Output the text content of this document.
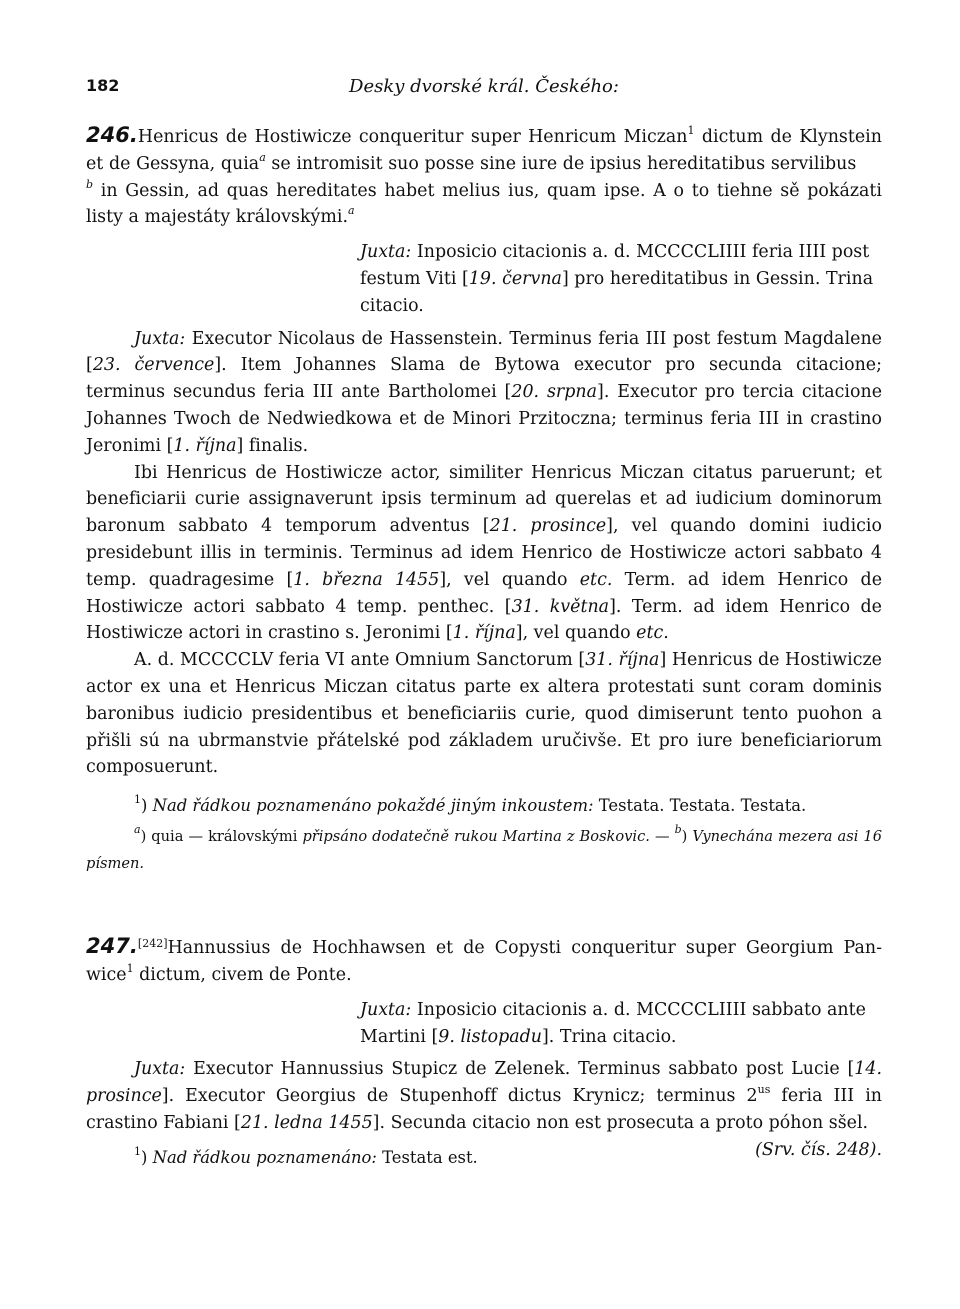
182	Desky dvorské král. Českého:

246.Henricus de Hostiwicze conqueritur super Henricum Miczan$^1$ dictum de Klynstein et de Gessyna, quia$^a$ se intromisit suo posse sine iure de ipsius hereditatibus servilibus $^b$ in Gessin, ad quas hereditates habet melius ius, quam ipse. A o to tiehne sě pokázati listy a majestáty královskými.$^a$

Juxta: Inposicio citacionis a. d. MCCCCLIIII feria IIII post festum Viti [19. června] pro hereditatibus in Gessin. Trina citacio.

Juxta: Executor Nicolaus de Hassenstein. Terminus feria III post festum Magdalene [23. července]. Item Johannes Slama de Bytowa executor pro secunda citacione; terminus secundus feria III ante Bartholomei [20. srpna]. Executor pro tercia citacione Johannes Twoch de Nedwiedkowa et de Minori Przitoczna; terminus feria III in crastino Jeronimi [1. října] finalis.

Ibi Henricus de Hostiwicze actor, similiter Henricus Miczan citatus paruerunt; et beneficiarii curie assignaverunt ipsis terminum ad querelas et ad iudicium dominorum baronum sabbato 4 temporum adventus [21. prosince], vel quando domini iudicio presidebunt illis in terminis. Terminus ad idem Henrico de Hostiwicze actori sabbato 4 temp. quadragesime [1. března 1455], vel quando etc. Term. ad idem Henrico de Hostiwicze actori sabbato 4 temp. penthec. [31. května]. Term. ad idem Henrico de Hostiwicze actori in crastino s. Jeronimi [1. října], vel quando etc.

A. d. MCCCCLV feria VI ante Omnium Sanctorum [31. října] Henricus de Hostiwicze actor ex una et Henricus Miczan citatus parte ex altera protestati sunt coram dominis baronibus iudicio presidentibus et beneficiariis curie, quod dimiserunt tento puohon a přišli sú na ubrmanstvie přátelské pod základem uručivše. Et pro iure beneficiariorum composuerunt.

$^1$) Nad řádkou poznamenáno pokaždé jiným inkoustem: Testata. Testata. Testata.

$^a$) quia — královskými připsáno dodatečně rukou Martina z Boskovic. — $^b$) Vynechána mezera asi 16 písmen.

247.[242]Hannussius de Hochhawsen et de Copysti conqueritur super Georgium Panwice$^1$ dictum, civem de Ponte.

Juxta: Inposicio citacionis a. d. MCCCCLIIII sabbato ante Martini [9. listopadu]. Trina citacio.

Juxta: Executor Hannussius Stupicz de Zelenek. Terminus sabbato post Lucie [14. prosince]. Executor Georgius de Stupenhoff dictus Krynicz; terminus $2^{us}$ feria III in crastino Fabiani [21. ledna 1455]. Secunda citacio non est prosecuta a proto póhon sšel.
(Srv. čís. 248).

$^1$) Nad řádkou poznamenáno: Testata est.
